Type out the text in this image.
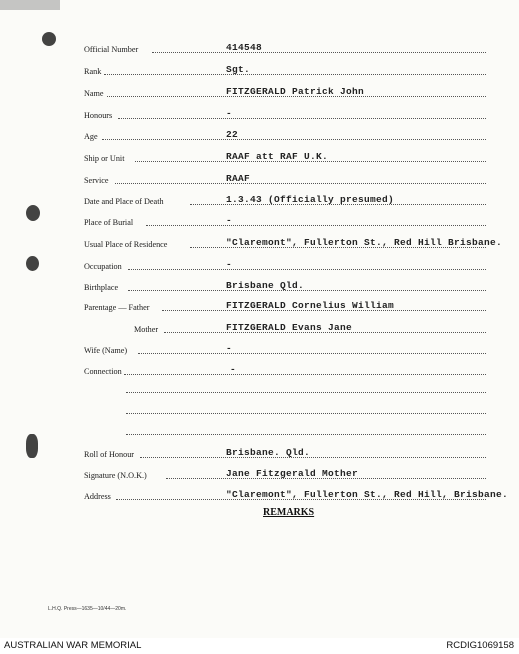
Official Number	414548
Rank	Sgt.
Name	FITZGERALD Patrick John
Honours	-
Age	22
Ship or Unit	RAAF att RAF U.K.
Service	RAAF
Date and Place of Death	1.3.43 (Officially presumed)
Place of Burial	-
Usual Place of Residence	"Claremont", Fullerton St., Red Hill Brisbane.
Occupation	-
Birthplace	Brisbane Qld.
Parentage — Father	FITZGERALD Cornelius William
Mother	FITZGERALD Evans Jane
Wife (Name)	-
Connection	-
Roll of Honour	Brisbane. Qld.
Signature (N.O.K.)	Jane Fitzgerald Mother
Address	"Claremont", Fullerton St., Red Hill, Brisbane.
REMARKS
L.H.Q. Press—1635—10/44—20m.
AUSTRALIAN WAR MEMORIAL	RCDIG1069158
